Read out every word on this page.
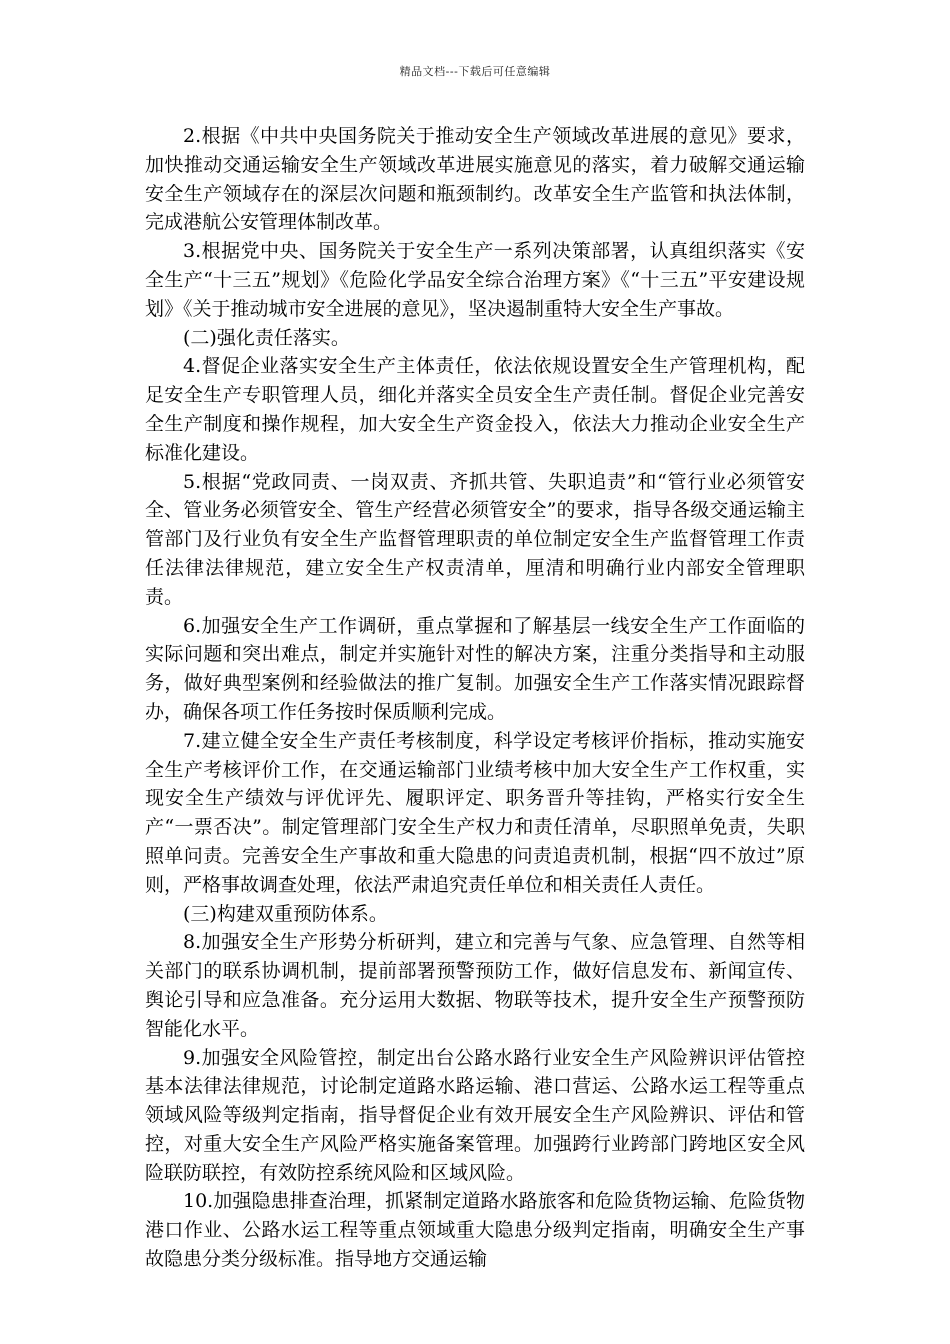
精品文档---下载后可任意编辑

2.根据《中共中央国务院关于推动安全生产领域改革进展的意见》要求，加快推动交通运输安全生产领域改革进展实施意见的落实，着力破解交通运输安全生产领域存在的深层次问题和瓶颈制约。改革安全生产监管和执法体制，完成港航公安管理体制改革。

3.根据党中央、国务院关于安全生产一系列决策部署，认真组织落实《安全生产“十三五”规划》《危险化学品安全综合治理方案》《“十三五”平安建设规划》《关于推动城市安全进展的意见》，坚决遏制重特大安全生产事故。

(二)强化责任落实。

4.督促企业落实安全生产主体责任，依法依规设置安全生产管理机构，配足安全生产专职管理人员，细化并落实全员安全生产责任制。督促企业完善安全生产制度和操作规程，加大安全生产资金投入，依法大力推动企业安全生产标准化建设。

5.根据“党政同责、一岗双责、齐抓共管、失职追责”和“管行业必须管安全、管业务必须管安全、管生产经营必须管安全”的要求，指导各级交通运输主管部门及行业负有安全生产监督管理职责的单位制定安全生产监督管理工作责任法律法律规范，建立安全生产权责清单，厘清和明确行业内部安全管理职责。

6.加强安全生产工作调研，重点掌握和了解基层一线安全生产工作面临的实际问题和突出难点，制定并实施针对性的解决方案，注重分类指导和主动服务，做好典型案例和经验做法的推广复制。加强安全生产工作落实情况跟踪督办，确保各项工作任务按时保质顺利完成。

7.建立健全安全生产责任考核制度，科学设定考核评价指标，推动实施安全生产考核评价工作，在交通运输部门业绩考核中加大安全生产工作权重，实现安全生产绩效与评优评先、履职评定、职务晋升等挂钩，严格实行安全生产“一票否决”。制定管理部门安全生产权力和责任清单，尽职照单免责，失职照单问责。完善安全生产事故和重大隐患的问责追责机制，根据“四不放过”原则，严格事故调查处理，依法严肃追究责任单位和相关责任人责任。

(三)构建双重预防体系。

8.加强安全生产形势分析研判，建立和完善与气象、应急管理、自然等相关部门的联系协调机制，提前部署预警预防工作，做好信息发布、新闻宣传、舆论引导和应急准备。充分运用大数据、物联等技术，提升安全生产预警预防智能化水平。

9.加强安全风险管控，制定出台公路水路行业安全生产风险辨识评估管控基本法律法律规范，讨论制定道路水路运输、港口营运、公路水运工程等重点领域风险等级判定指南，指导督促企业有效开展安全生产风险辨识、评估和管控，对重大安全生产风险严格实施备案管理。加强跨行业跨部门跨地区安全风险联防联控，有效防控系统风险和区域风险。

10.加强隐患排查治理，抓紧制定道路水路旅客和危险货物运输、危险货物港口作业、公路水运工程等重点领域重大隐患分级判定指南，明确安全生产事故隐患分类分级标准。指导地方交通运输
